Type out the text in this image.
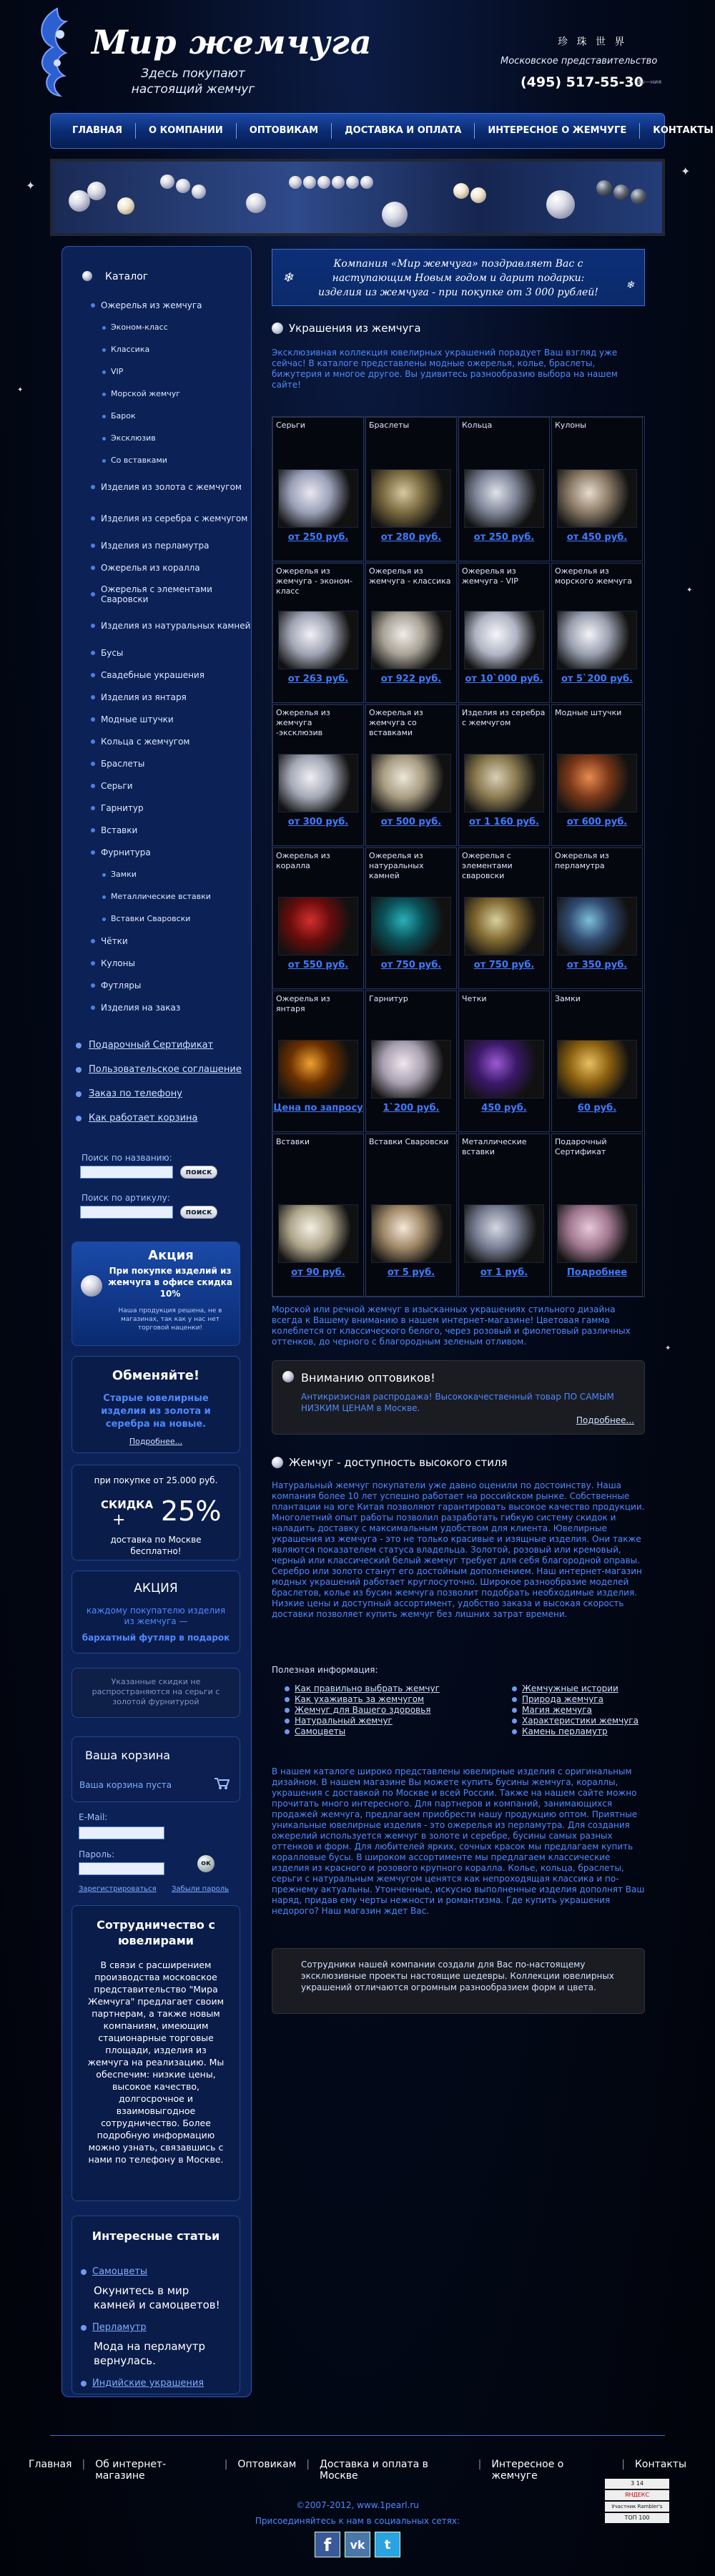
✦
✦
✦
✦
✦
Мир жемчуга
Здесь покупают настоящий жемчуг
珍 珠 世 界
Московское представительство
(495) 517-55-30
Вы—ния
ГЛАВНАЯ	О КОМПАНИИ	ОПТОВИКАМ	ДОСТАВКА И ОПЛАТА	ИНТЕРЕСНОЕ О ЖЕМЧУГЕ	КОНТАКТЫ
Каталог
Ожерелья из жемчуга
Эконом-класс
Классика
VIP
Морской жемчуг
Барок
Эксклюзив
Со вставками
Изделия из золота с жемчугом
Изделия из серебра с жемчугом
Изделия из перламутра
Ожерелья из коралла
Ожерелья с элементами Сваровски
Изделия из натуральных камней
Бусы
Свадебные украшения
Изделия из янтаря
Модные штучки
Кольца с жемчугом
Браслеты
Серьги
Гарнитур
Вставки
Фурнитура
Замки
Металлические вставки
Вставки Сваровски
Чётки
Кулоны
Футляры
Изделия на заказ
Подарочный Сертификат
Пользовательское соглашение
Заказ по телефону
Как работает корзина
Поиск по названию:
поиск
Поиск по артикулу:
поиск
Акция
При покупке изделий из жемчуга в офисе скидка 10%
Наша продукция решена, не в магазинах, так как у нас нет торговой наценки!
Обменяйте!
Старые ювелирные изделия из золота и серебра на новые.
Подробнее...
при покупке от 25.000 руб.
СКИДКА
+ 25%
доставка по Москве бесплатно!
АКЦИЯ
каждому покупателю изделия из жемчуга —
бархатный футляр в подарок
Указанные скидки не распространяются на серьги с золотой фурнитурой
Ваша корзина
Ваша корзина пуста
E-Mail:
Пароль:
ок
Зарегистрироваться Забыли пароль
Сотрудничество с ювелирами
В связи с расширением производства московское представительство "Мира Жемчуга" предлагает своим партнерам, а также новым компаниям, имеющим стационарные торговые площади, изделия из жемчуга на реализацию. Мы обеспечим: низкие цены, высокое качество, долгосрочное и взаимовыгодное сотрудничество. Более подробную информацию можно узнать, связавшись с нами по телефону в Москве.
Интересные статьи
Самоцветы
Окунитесь в мир камней и самоцветов!
Перламутр
Мода на перламутр вернулась.
Индийские украшения
❄	❄
Компания «Мир жемчуга» поздравляет Вас с наступающим Новым годом и дарит подарки: изделия из жемчуга - при покупке от 3 000 рублей!
Украшения из жемчуга
Эксклюзивная коллекция ювелирных украшений порадует Ваш взгляд уже сейчас! В каталоге представлены модные ожерелья, колье, браслеты, бижутерия и многое другое. Вы удивитесь разнообразию выбора на нашем сайте!
Серьги
от 250 руб.
Браслеты
от 280 руб.
Кольца
от 250 руб.
Кулоны
от 450 руб.
Ожерелья из жемчуга - эконом-класс
от 263 руб.
Ожерелья из жемчуга - классика
от 922 руб.
Ожерелья из жемчуга - VIP
от 10`000 руб.
Ожерелья из морского жемчуга
от 5`200 руб.
Ожерелья из жемчуга -эксклюзив
от 300 руб.
Ожерелья из жемчуга со вставками
от 500 руб.
Изделия из серебра с жемчугом
от 1 160 руб.
Модные штучки
от 600 руб.
Ожерелья из коралла
от 550 руб.
Ожерелья из натуральных камней
от 750 руб.
Ожерелья с элементами сваровски
от 750 руб.
Ожерелья из перламутра
от 350 руб.
Ожерелья из янтаря
Цена по запросу
Гарнитур
1`200 руб.
Четки
450 руб.
Замки
60 руб.
Вставки
от 90 руб.
Вставки Сваровски
от 5 руб.
Металлические вставки
от 1 руб.
Подарочный Сертификат
Подробнее
Морской или речной жемчуг в изысканных украшениях стильного дизайна всегда к Вашему вниманию в нашем интернет-магазине! Цветовая гамма колеблется от классического белого, через розовый и фиолетовый различных оттенков, до черного с благородным зеленым отливом.
Вниманию оптовиков!
Антикризисная распродажа! Высококачественный товар ПО САМЫМ НИЗКИМ ЦЕНАМ в Москве.
Подробнее...
Жемчуг - доступность высокого стиля
Натуральный жемчуг покупатели уже давно оценили по достоинству. Наша компания более 10 лет успешно работает на российском рынке. Собственные плантации на юге Китая позволяют гарантировать высокое качество продукции. Многолетний опыт работы позволил разработать гибкую систему скидок и наладить доставку с максимальным удобством для клиента. Ювелирные украшения из жемчуга - это не только красивые и изящные изделия. Они также являются показателем статуса владельца. Золотой, розовый или кремовый, черный или классический белый жемчуг требует для себя благородной оправы. Серебро или золото станут его достойным дополнением. Наш интернет-магазин модных украшений работает круглосуточно. Широкое разнообразие моделей браслетов, колье из бусин жемчуга позволит подобрать необходимые изделия. Низкие цены и доступный ассортимент, удобство заказа и высокая скорость доставки позволяет купить жемчуг без лишних затрат времени.
Полезная информация:
Как правильно выбрать жемчуг
Как ухаживать за жемчугом
Жемчуг для Вашего здоровья
Натуральный жемчуг
Самоцветы
Жемчужные истории
Природа жемчуга
Магия жемчуга
Характеристики жемчуга
Камень перламутр
В нашем каталоге широко представлены ювелирные изделия с оригинальным дизайном. В нашем магазине Вы можете купить бусины жемчуга, кораллы, украшения с доставкой по Москве и всей России. Также на нашем сайте можно прочитать много интересного. Для партнеров и компаний, занимающихся продажей жемчуга, предлагаем приобрести нашу продукцию оптом. Приятные уникальные ювелирные изделия - это ожерелья из перламутра. Для создания ожерелий используется жемчуг в золоте и серебре, бусины самых разных оттенков и форм. Для любителей ярких, сочных красок мы предлагаем купить коралловые бусы. В широком ассортименте мы предлагаем классические изделия из красного и розового крупного коралла. Колье, кольца, браслеты, серьги с натуральным жемчугом ценятся как непроходящая классика и по-прежнему актуальны. Утонченные, искусно выполненные изделия дополнят Ваш наряд, придав ему черты нежности и романтизма. Где купить украшения недорого? Наш магазин ждет Вас.
Сотрудники нашей компании создали для Вас по-настоящему эксклюзивные проекты настоящие шедевры. Коллекции ювелирных украшений отличаются огромным разнообразием форм и цвета.
Главная	|	Об интернет-магазине
|	Оптовикам	|	Доставка и оплата в Москве
|	Интересное о жемчуге
|	Контакты
©2007-2012, www.1pearl.ru
Присоединяйтесь к нам в социальных сетях:
f	vk	t
3 14
ЯНДЕКС
Участник Rambler's
ТОП 100
